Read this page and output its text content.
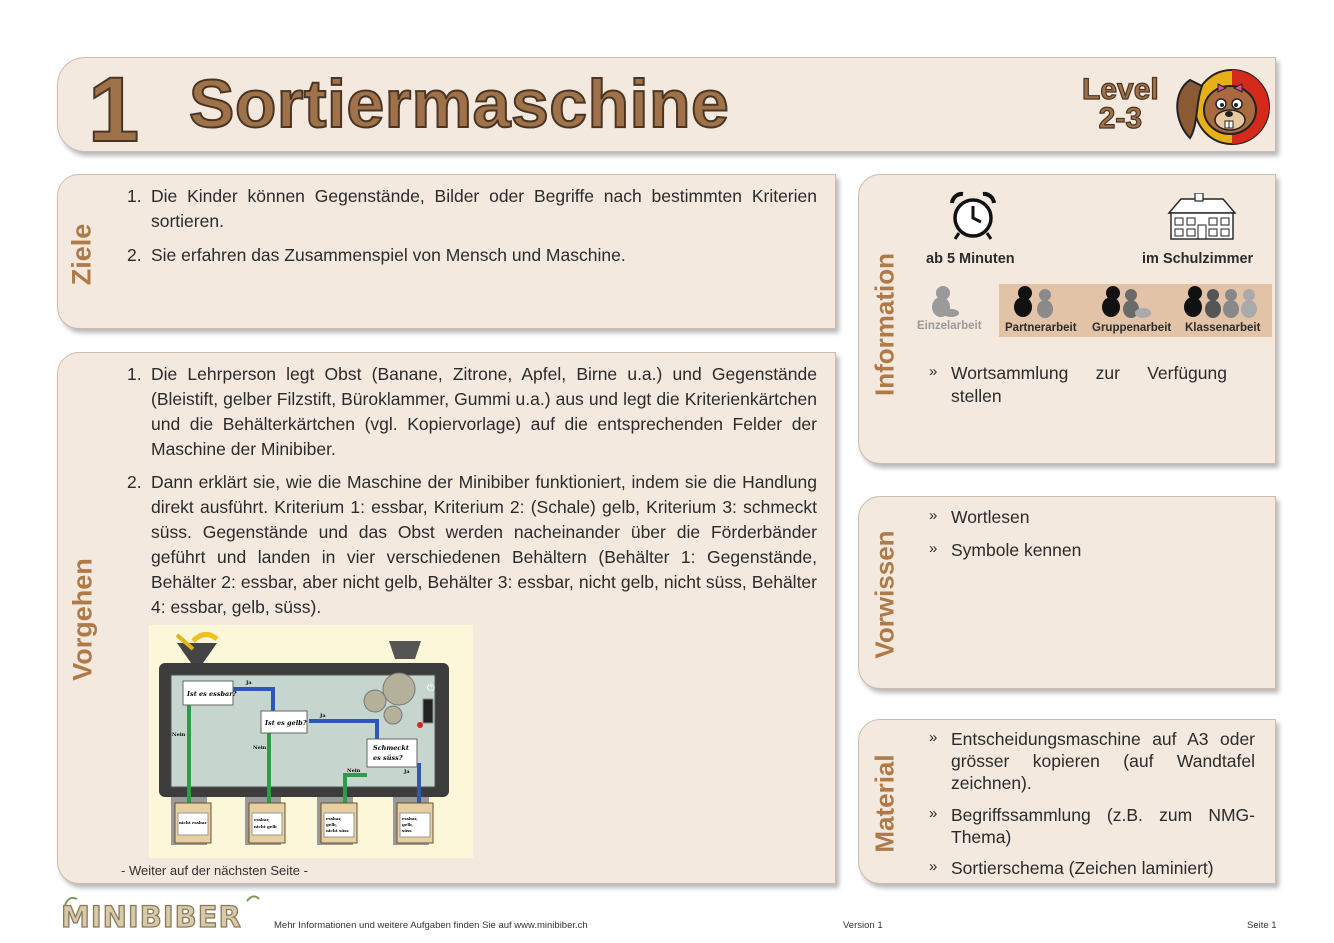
1 Sortiermaschine	Level
2-3
Ziele
1. Die Kinder können Gegenstände, Bilder oder Begriffe nach bestimmten Kriterien sortieren.
2. Sie erfahren das Zusammenspiel von Mensch und Maschine.
Vorgehen
1. Die Lehrperson legt Obst (Banane, Zitrone, Apfel, Birne u.a.) und Gegenstände (Bleistift, gelber Filzstift, Büroklammer, Gummi u.a.) aus und legt die Kriterienkärtchen und die Behälterkärtchen (vgl. Kopiervorlage) auf die entsprechenden Felder der Maschine der Minibiber.
2. Dann erklärt sie, wie die Maschine der Minibiber funktioniert, indem sie die Handlung direkt ausführt. Kriterium 1: essbar, Kriterium 2: (Schale) gelb, Kriterium 3: schmeckt süss. Gegenstände und das Obst werden nacheinander über die Förderbänder geführt und landen in vier verschiedenen Behältern (Behälter 1: Gegenstände, Behälter 2: essbar, aber nicht gelb, Behälter 3: essbar, nicht gelb, nicht süss, Behälter 4: essbar, gelb, süss).
⏻
Ist es essbar?
Ist es gelb?
Schmeckt
es süss?
Ja
Ja
Ja
Nein
Nein
Nein
nicht essbar
essbar,
nicht gelb
essbar,
gelb,
nicht süss
essbar,
gelb,
süss
- Weiter auf der nächsten Seite -
Information ab 5 Minuten	im Schulzimmer
Einzelarbeit Partnerarbeit Gruppenarbeit Klassenarbeit
» Wortsammlung zur Verfügung stellen
Vorwissen
» Wortlesen
» Symbole kennen
Material
» Entscheidungsmaschine auf A3 oder grösser kopieren (auf Wandtafel zeichnen).
» Begriffssammlung (z.B. zum NMG-Thema)
» Sortierschema (Zeichen laminiert)
MINIBIBER	Mehr Informationen und weitere Aufgaben finden Sie auf www.minibiber.ch	Version 1	Seite 1
